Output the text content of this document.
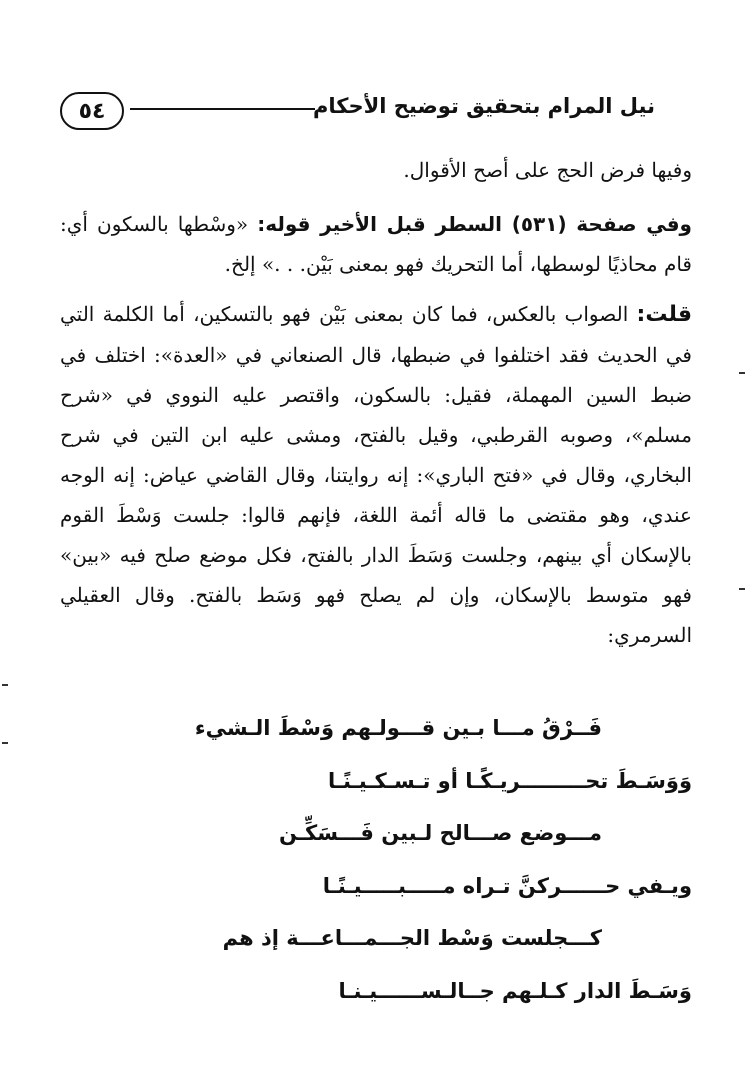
٥٤	نيل المرام بتحقيق توضيح الأحكام

وفيها فرض الحج على أصح الأقوال.

وفي صفحة (٥٣١) السطر قبل الأخير قوله: «وسْطها بالسكون أي: قام محاذيًا لوسطها، أما التحريك فهو بمعنى بَيْن. . .» إلخ.

قلت: الصواب بالعكس، فما كان بمعنى بَيْن فهو بالتسكين، أما الكلمة التي في الحديث فقد اختلفوا في ضبطها، قال الصنعاني في «العدة»: اختلف في ضبط السين المهملة، فقيل: بالسكون، واقتصر عليه النووي في «شرح مسلم»، وصوبه القرطبي، وقيل بالفتح، ومشى عليه ابن التين في شرح البخاري، وقال في «فتح الباري»: إنه روايتنا، وقال القاضي عياض: إنه الوجه عندي، وهو مقتضى ما قاله أئمة اللغة، فإنهم قالوا: جلست وَسْطَ القوم بالإسكان أي بينهم، وجلست وَسَطَ الدار بالفتح، فكل موضع صلح فيه «بين» فهو متوسط بالإسكان، وإن لم يصلح فهو وَسَط بالفتح. وقال العقيلي السرمري:

فَــرْقُ مـــا بـين قـــولـهم وَسْطَ الـشيء
وَوَسَـطَ تحـــــــــريـكًـا أو تـسـكـيـنًـا
مـــوضع صـــالح لـبين فَـــسَكِّـن
ويـفي حــــــركنَّ تـراه مـــــبـــــيـنًـا
كـــجلست وَسْط الجـــمـــاعـــة إذ هم
وَسَـطَ الدار كـلـهم جــالـســــــيـنـا
